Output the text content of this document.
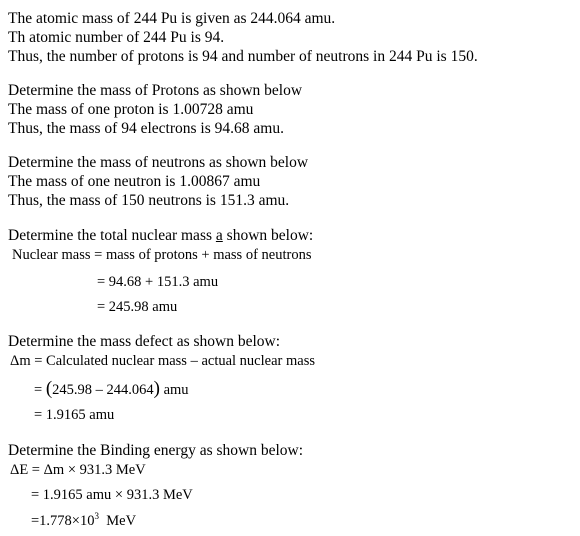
The atomic mass of 244 Pu is given as 244.064 amu.
Th atomic number of 244 Pu is 94.
Thus, the number of protons is 94 and number of neutrons in 244 Pu is 150.
Determine the mass of Protons as shown below
The mass of one proton is 1.00728 amu
Thus, the mass of 94 electrons is 94.68 amu.
Determine the mass of neutrons as shown below
The mass of one neutron is 1.00867 amu
Thus, the mass of 150 neutrons is 151.3 amu.
Determine the total nuclear mass a shown below:
Nuclear mass = mass of protons + mass of neutrons
= 94.68 + 151.3 amu
= 245.98 amu
Determine the mass defect as shown below:
Δm = Calculated nuclear mass – actual nuclear mass
= (245.98 – 244.064) amu
= 1.9165 amu
Determine the Binding energy as shown below:
ΔE = Δm × 931.3 MeV
= 1.9165 amu × 931.3 MeV
$=1.778\times 10^3$  MeV
